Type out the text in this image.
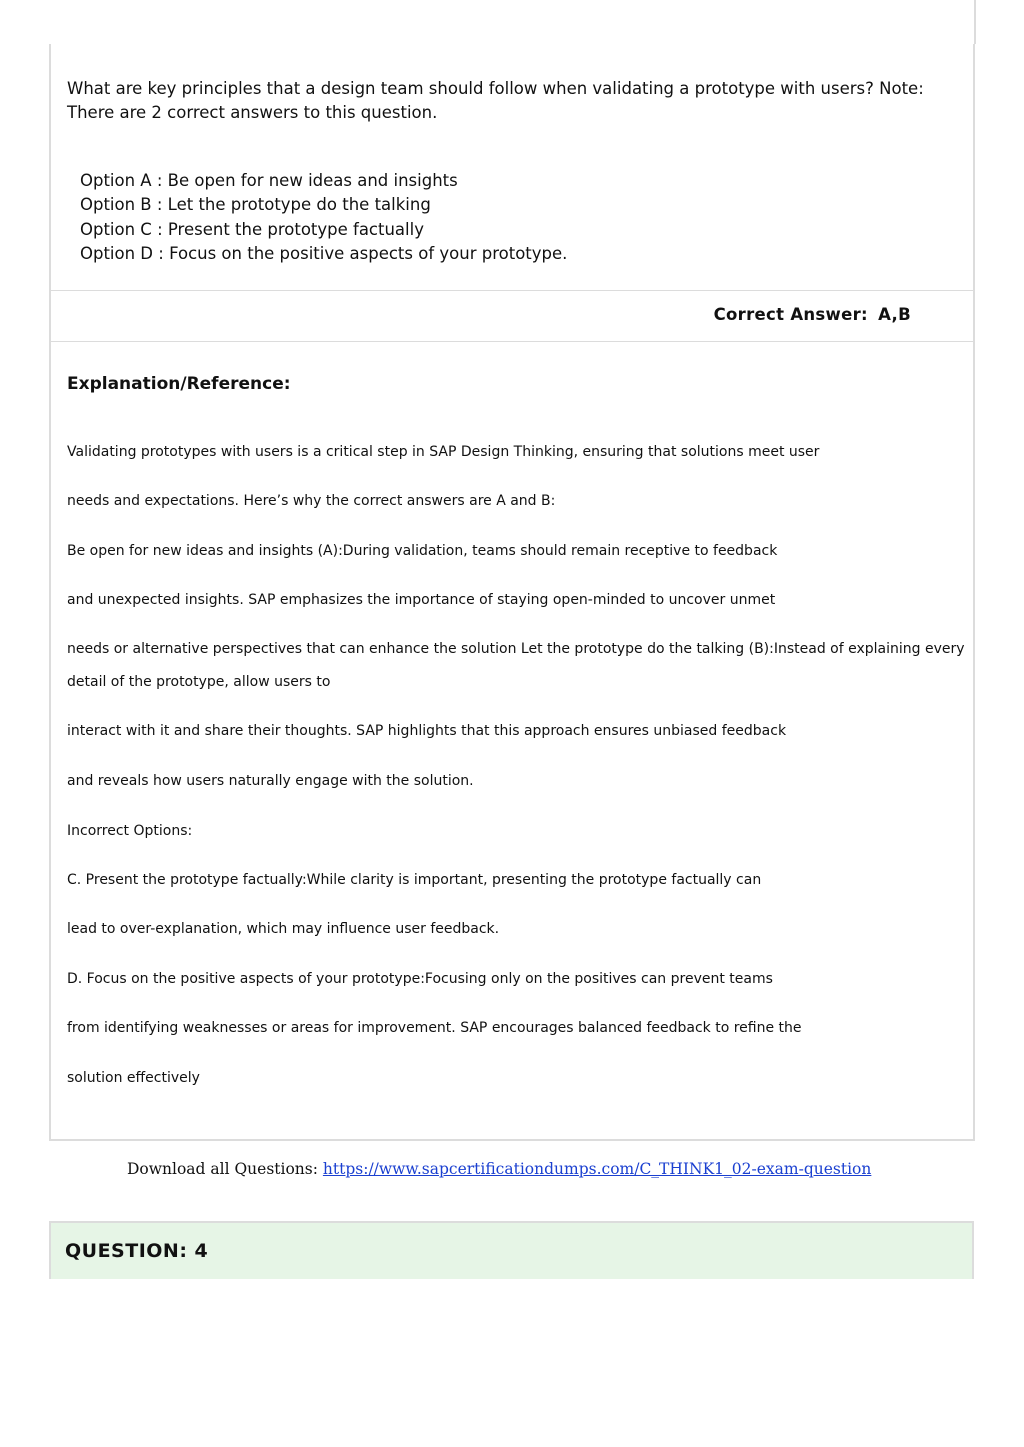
What are key principles that a design team should follow when validating a prototype with users? Note: There are 2 correct answers to this question.
Option A : Be open for new ideas and insights
Option B : Let the prototype do the talking
Option C : Present the prototype factually
Option D : Focus on the positive aspects of your prototype.
Correct Answer: A,B
Explanation/Reference:

Validating prototypes with users is a critical step in SAP Design Thinking, ensuring that solutions meet user

needs and expectations. Here’s why the correct answers are A and B:

Be open for new ideas and insights (A):During validation, teams should remain receptive to feedback

and unexpected insights. SAP emphasizes the importance of staying open-minded to uncover unmet

needs or alternative perspectives that can enhance the solution Let the prototype do the talking (B):Instead of explaining every detail of the prototype, allow users to

interact with it and share their thoughts. SAP highlights that this approach ensures unbiased feedback

and reveals how users naturally engage with the solution.

Incorrect Options:

C. Present the prototype factually:While clarity is important, presenting the prototype factually can

lead to over-explanation, which may influence user feedback.

D. Focus on the positive aspects of your prototype:Focusing only on the positives can prevent teams

from identifying weaknesses or areas for improvement. SAP encourages balanced feedback to refine the

solution effectively

Download all Questions: https://www.sapcertificationdumps.com/C_THINK1_02-exam-question
QUESTION: 4
